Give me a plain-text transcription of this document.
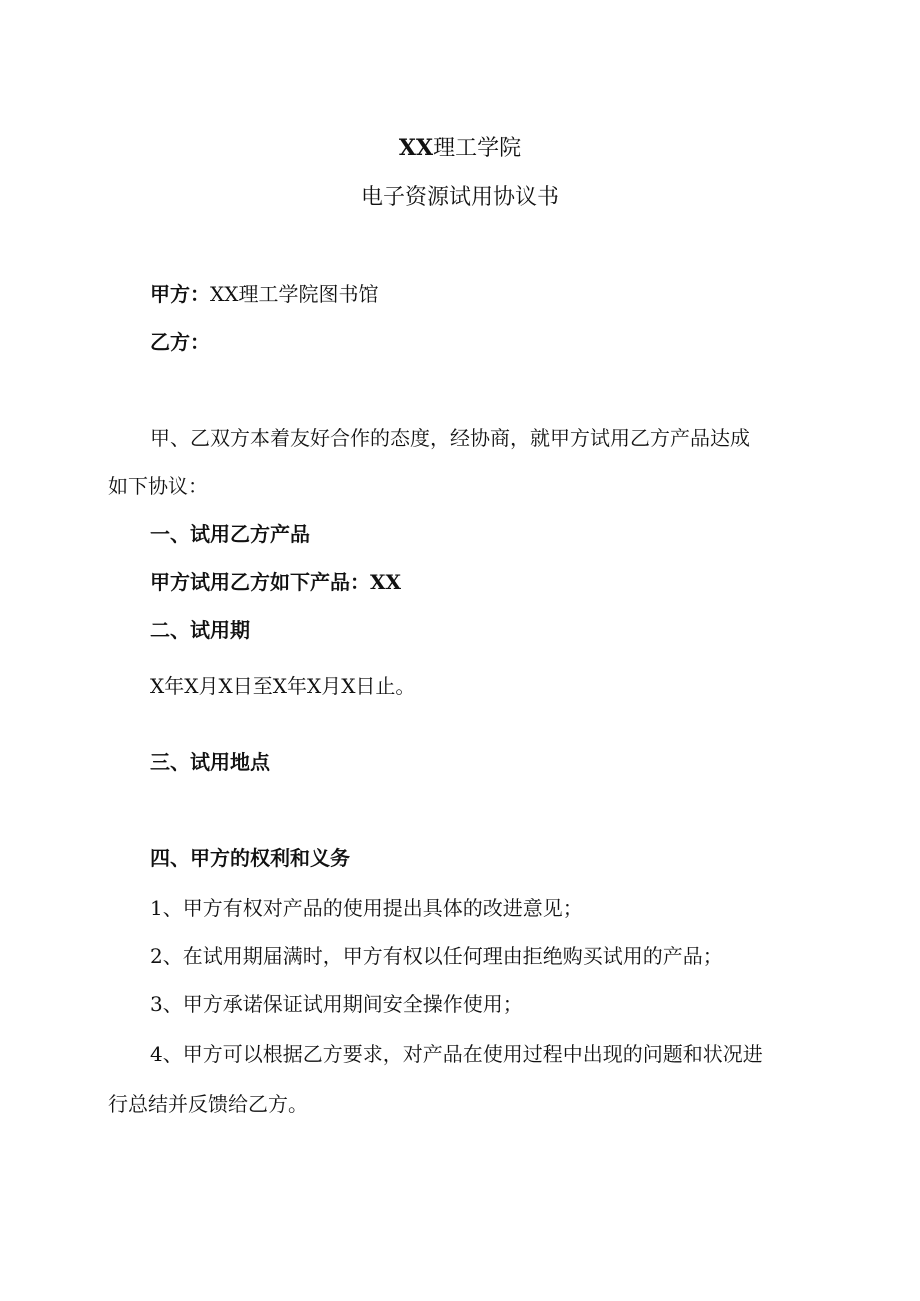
XX理工学院
电子资源试用协议书
甲方：XX理工学院图书馆
乙方：
甲、乙双方本着友好合作的态度，经协商，就甲方试用乙方产品达成
如下协议：
一、试用乙方产品
甲方试用乙方如下产品：XX
二、试用期
X年X月X日至X年X月X日止。
三、试用地点
四、甲方的权利和义务
1、甲方有权对产品的使用提出具体的改进意见；
2、在试用期届满时，甲方有权以任何理由拒绝购买试用的产品；
3、甲方承诺保证试用期间安全操作使用；
4、甲方可以根据乙方要求，对产品在使用过程中出现的问题和状况进
行总结并反馈给乙方。
